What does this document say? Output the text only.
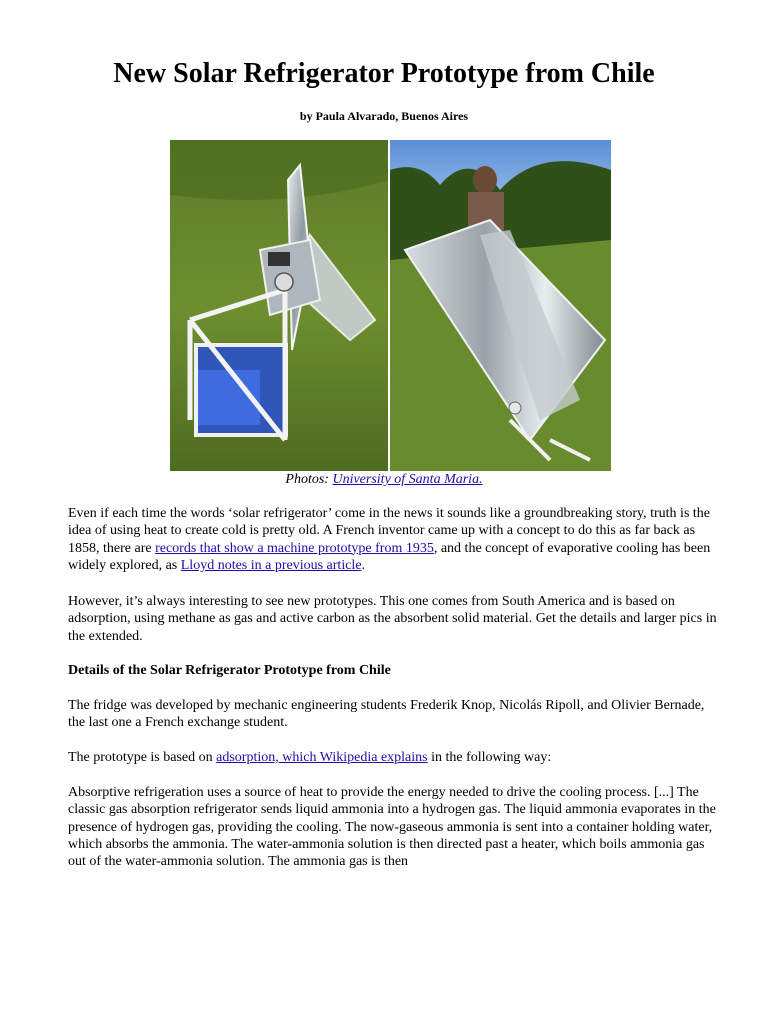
New Solar Refrigerator Prototype from Chile
by Paula Alvarado, Buenos Aires
Photos: University of Santa Maria.

Even if each time the words ‘solar refrigerator’ come in the news it sounds like a groundbreaking story, truth is the idea of using heat to create cold is pretty old. A French inventor came up with a concept to do this as far back as 1858, there are records that show a machine prototype from 1935, and the concept of evaporative cooling has been widely explored, as Lloyd notes in a previous article.

However, it’s always interesting to see new prototypes. This one comes from South America and is based on adsorption, using methane as gas and active carbon as the absorbent solid material. Get the details and larger pics in the extended.

Details of the Solar Refrigerator Prototype from Chile

The fridge was developed by mechanic engineering students Frederik Knop, Nicolás Ripoll, and Olivier Bernade, the last one a French exchange student.

The prototype is based on adsorption, which Wikipedia explains in the following way:

Absorptive refrigeration uses a source of heat to provide the energy needed to drive the cooling process. [...] The classic gas absorption refrigerator sends liquid ammonia into a hydrogen gas. The liquid ammonia evaporates in the presence of hydrogen gas, providing the cooling. The now-gaseous ammonia is sent into a container holding water, which absorbs the ammonia. The water-ammonia solution is then directed past a heater, which boils ammonia gas out of the water-ammonia solution. The ammonia gas is then
